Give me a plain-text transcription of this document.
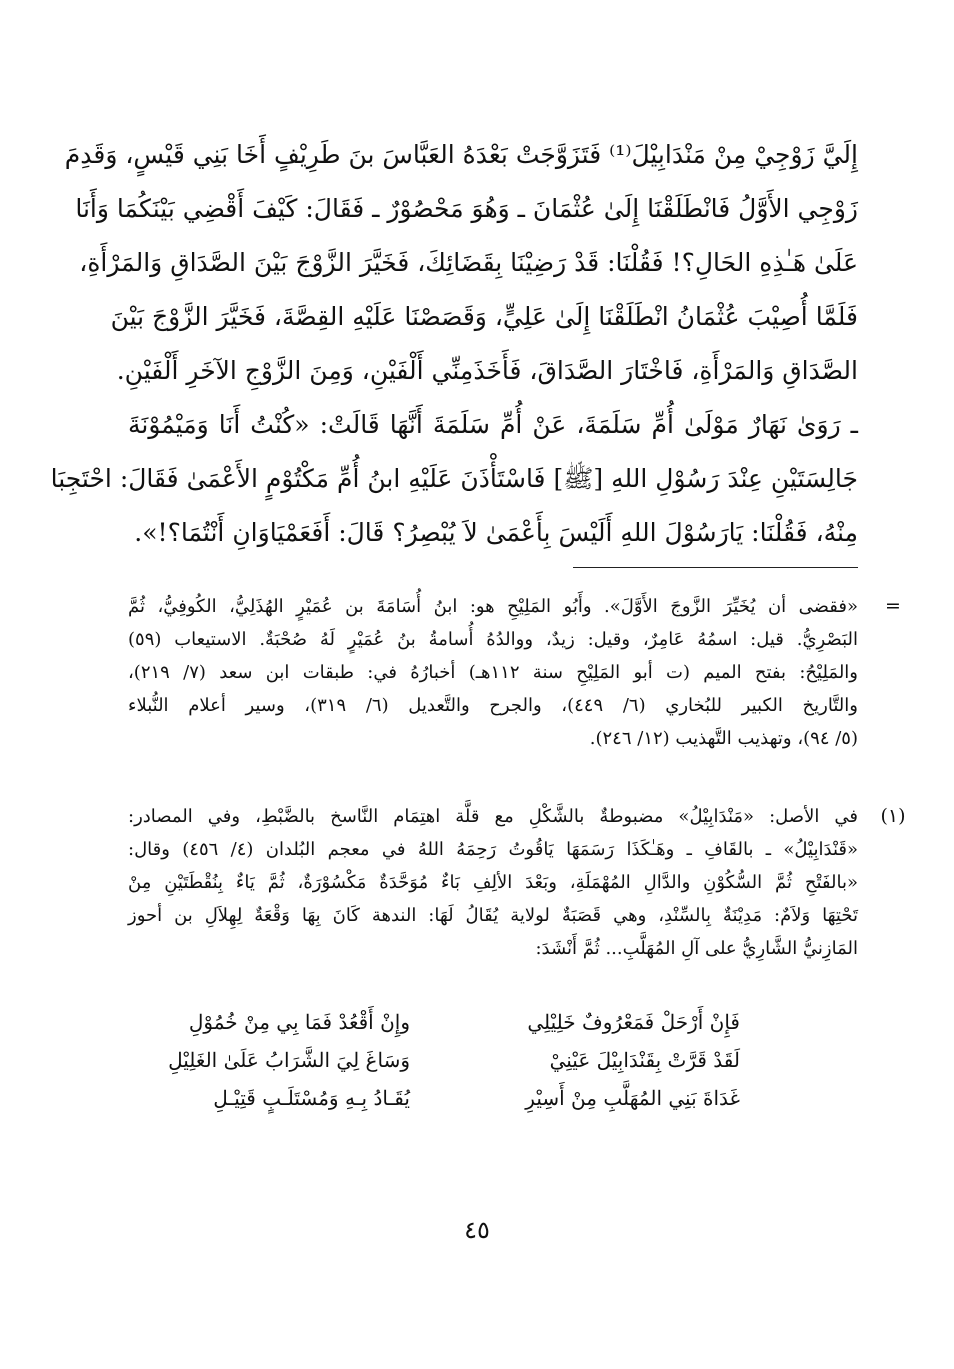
إِلَيَّ زَوْجِيْ مِنْ مَنْدَابِيْلَ⁽¹⁾ فَتَزَوَّجَتْ بَعْدَهُ العَبَّاسَ بنَ طَرِيْفٍ أَخَا بَنِي قَيْسٍ، وَقَدِمَ
زَوْجِي الأَوَّلُ فَانْطَلَقْنَا إِلَىٰ عُثْمَانَ ـ وَهُوَ مَحْصُوْرٌ ـ فَقَالَ: كَيْفَ أَقْضِي بَيْنَكُمَا وَأَنَا
عَلَىٰ هَـٰذِهِ الحَالِ؟! فَقُلْنَا: قَدْ رَضِيْنَا بِقَضَائِكَ، فَخَيَّرَ الزَّوْجَ بَيْنَ الصَّدَاقِ وَالمَرْأَةِ،
فَلَمَّا أُصِيْبَ عُثْمَانُ انْطَلَقْنَا إِلَىٰ عَلِيٍّ، وَقَصَصْنَا عَلَيْهِ القِصَّةَ، فَخَيَّرَ الزَّوْجَ بَيْنَ
الصَّدَاقِ وَالمَرْأَةِ، فَاخْتَارَ الصَّدَاقَ، فَأَخَذَمِنِّي أَلْفَيْنِ، وَمِنَ الزَّوْجِ الآخَرِ أَلْفَيْنِ.
ـ رَوَىٰ نَهَارٌ مَوْلَىٰ أُمِّ سَلَمَةَ، عَنْ أُمِّ سَلَمَةَ أَنَّهَا قَالَتْ: «كُنْتُ أَنَا وَمَيْمُوْنَةَ
جَالِسَتَيْنِ عِنْدَ رَسُوْلِ اللهِ [ﷺ] فَاسْتَأْذَنَ عَلَيْهِ ابنُ أُمِّ مَكْتُوْمٍ الأَعْمَىٰ فَقَالَ: احْتَجِبَا
مِنْهُ، فَقُلْنَا: يَارَسُوْلَ اللهِ أَلَيْسَ بِأَعْمَىٰ لاَ يُبْصِرُ؟ قَالَ: أَفَعَمْيَاوَانِ أَنْتُمَا؟!».
=
«فقضى أن يُخَيِّرَ الزَّوجَ الأَوَّلَ». وأَبُو المَلِيْحِ هو: ابنُ أُسَامَةَ بن عُمَيْرٍ الهُذَلِيُّ، الكُوفِيُّ، ثُمَّ
البَصْرِيُّ. قيل: اسمُهُ عَامِرٌ، وقيل: زيدٌ، ووالدُهُ أُسامةُ بنُ عُمَيْرٍ لَهُ صُحْبَةٌ. الاستيعاب (٥٩)
والمَلِيْحُ: بفتح الميم (ت أبو المَلِيْحِ سنة ١١٢هـ) أخبارُهُ في: طبقات ابن سعد (٧/ ٢١٩)،
والتَّاريخ الكبير للبُخاري (٦/ ٤٤٩)، والجرح والتَّعديل (٦/ ٣١٩)، وسير أعلام النُّبلاء
(٥/ ٩٤)، وتهذيب التَّهذيب (١٢/ ٢٤٦).
(١)
في الأصل: «مَنْدَابِيْلُ» مضبوطةٌ بالشَّكْلِ مع قلَّة اهتِمَام النَّاسخ بالضَّبْطِ، وفي المصادر:
«قَنْدَابِيْلُ» ـ بالقَافِ ـ وهَـٰكَذَا رَسَمَهَا يَاقُوتُ رَحِمَهُ اللهُ في معجم البُلدان (٤/ ٤٥٦) وقال:
«بالفَتْحِ ثُمَّ السُّكُوْنِ والدَّالِ المُهْمَلَةِ، وبَعْدَ الألِفِ بَاءٌ مُوَحَّدَةٌ مَكْسُوْرَةٌ، ثُمَّ يَاءٌ بِنُقْطَتَيْنِ مِنْ
تَحْتِهَا وَلاَمٌ: مَدِيْنَةٌ بِالسِّنْدِ، وهي قَصَبَةٌ لولاية يُقَالُ لَهَا: الندهة كَانَ بِهَا وَقْعَةٌ لِهِلاَلِ بن أحوز
المَازِنيُّ الشَّارِيُّ على آلِ المُهَلَّبِ... ثُمَّ أَنْشَدَ:
فَإِنْ أَرْحَلْ فَمَعْرُوفٌ خَلِيْلِي
وإِنْ أَقْعُدْ فَمَا بِي مِنْ خُمُوْلِ
لَقَدْ قَرَّتْ بِقَنْدَابِيْلَ عَيْنِيْ
وَسَاغَ لِيَ الشَّرَابُ عَلَىٰ الغَلِيْلِ
غَدَاةَ بَنِي المُهَلَّبِ مِنْ أَسِيْرِ
يُقَـادُ بِـهِ وَمُسْتَلَـبٍ قَتِيْـلِ
٤٥
